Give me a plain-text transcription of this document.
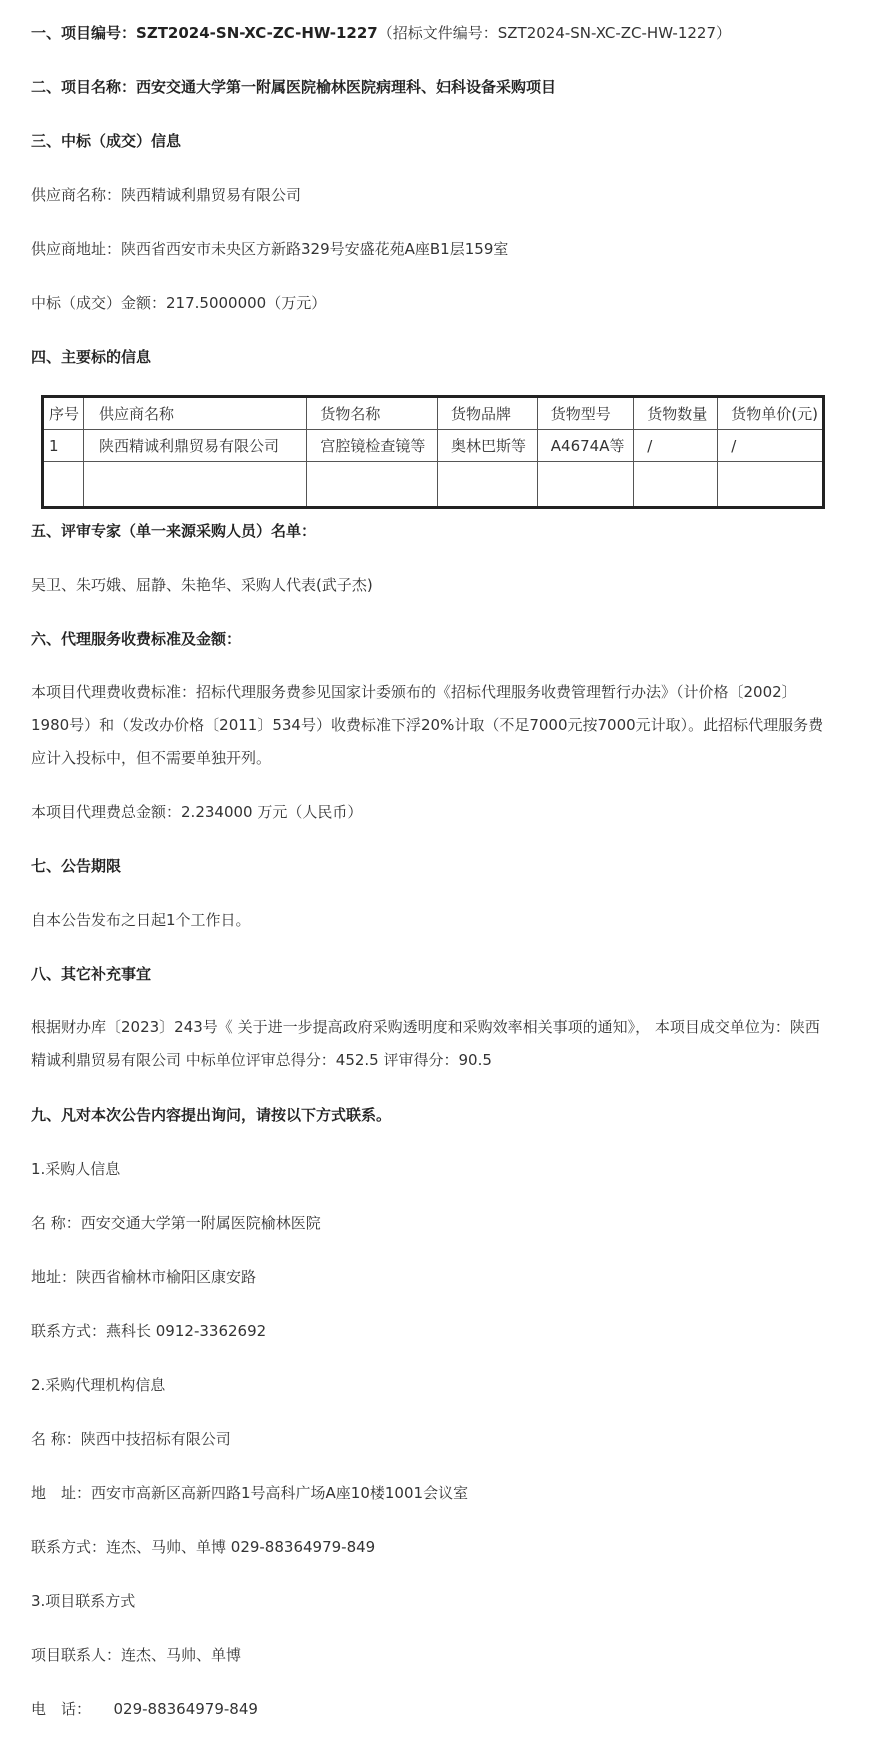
一、项目编号：SZT2024-SN-XC-ZC-HW-1227（招标文件编号：SZT2024-SN-XC-ZC-HW-1227）
二、项目名称：西安交通大学第一附属医院榆林医院病理科、妇科设备采购项目
三、中标（成交）信息
供应商名称：陕西精诚利鼎贸易有限公司
供应商地址：陕西省西安市未央区方新路329号安盛花苑A座B1层159室
中标（成交）金额：217.5000000（万元）
四、主要标的信息
序号	供应商名称	货物名称	货物品牌	货物型号	货物数量	货物单价(元)
1	陕西精诚利鼎贸易有限公司	宫腔镜检查镜等	奥林巴斯等	A4674A等	/	/

五、评审专家（单一来源采购人员）名单：
吴卫、朱巧娥、屈静、朱艳华、采购人代表(武子杰)
六、代理服务收费标准及金额：
本项目代理费收费标准：招标代理服务费参见国家计委颁布的《招标代理服务收费管理暂行办法》（计价格〔2002〕1980号）和（发改办价格〔2011〕534号）收费标准下浮20%计取（不足7000元按7000元计取）。此招标代理服务费应计入投标中，但不需要单独开列。
本项目代理费总金额：2.234000 万元（人民币）
七、公告期限
自本公告发布之日起1个工作日。
八、其它补充事宜
根据财办库〔2023〕243号《 关于进一步提高政府采购透明度和采购效率相关事项的通知》， 本项目成交单位为：陕西精诚利鼎贸易有限公司 中标单位评审总得分：452.5 评审得分：90.5
九、凡对本次公告内容提出询问，请按以下方式联系。
1.采购人信息
名 称：西安交通大学第一附属医院榆林医院
地址：陕西省榆林市榆阳区康安路
联系方式：燕科长 0912-3362692
2.采购代理机构信息
名 称：陕西中技招标有限公司
地　址：西安市高新区高新四路1号高科广场A座10楼1001会议室
联系方式：连杰、马帅、单博 029-88364979-849
3.项目联系方式
项目联系人：连杰、马帅、单博
电　话：　　029-88364979-849
